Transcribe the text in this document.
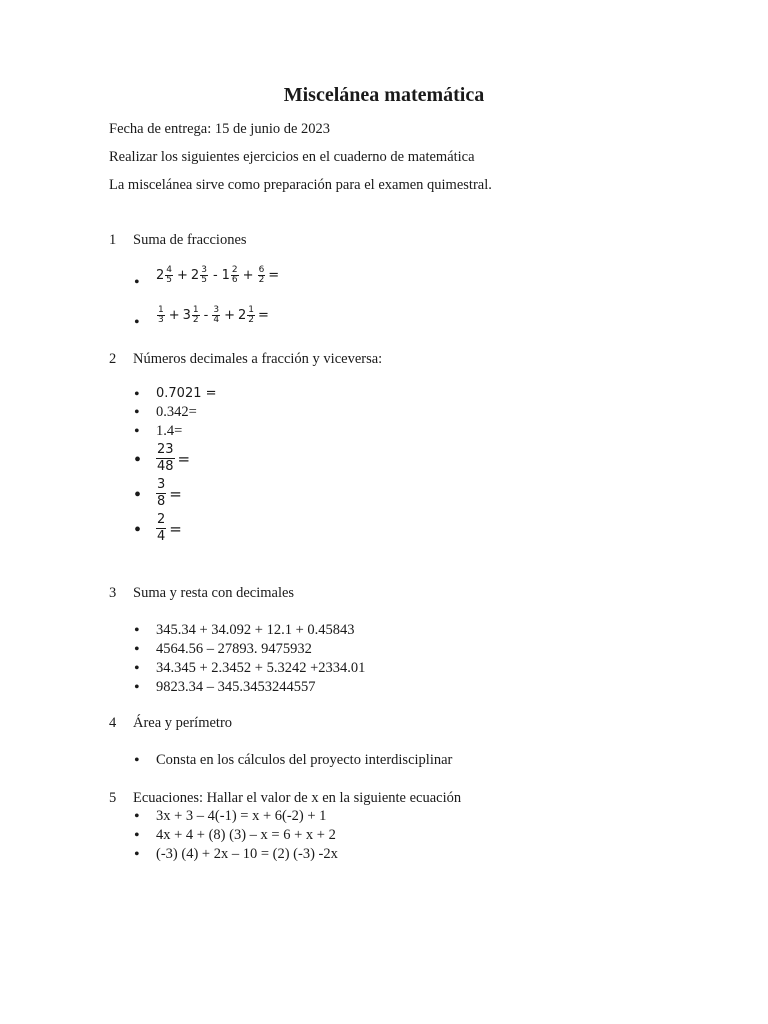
Miscelánea matemática
Fecha de entrega: 15 de junio de 2023
Realizar los siguientes ejercicios en el cuaderno de matemática
La miscelánea sirve como preparación para el examen quimestral.
1 Suma de fracciones
• $2 \frac{4}{5} + 2 \frac{3}{5} - 1 \frac{2}{6} + \frac{6}{2}$ =
• $\frac{1}{3} + 3 \frac{1}{2} - \frac{3}{4} + 2 \frac{1}{2}$ =
2 Números decimales a fracción y viceversa:
• 0.7021 =
• 0.342=
• 1.4=
• $\frac{23}{48}$ =
• $\frac{3}{8}$ =
• $\frac{2}{4}$ =
3 Suma y resta con decimales
• 345.34 + 34.092 + 12.1 + 0.45843
• 4564.56 – 27893. 9475932
• 34.345 + 2.3452 + 5.3242 +2334.01
• 9823.34 – 345.3453244557
4 Área y perímetro
• Consta en los cálculos del proyecto interdisciplinar
5 Ecuaciones: Hallar el valor de x en la siguiente ecuación
• 3x + 3 – 4(-1) = x + 6(-2) + 1
• 4x + 4 + (8) (3) – x = 6 + x + 2
• (-3) (4) + 2x – 10 = (2) (-3) -2x
